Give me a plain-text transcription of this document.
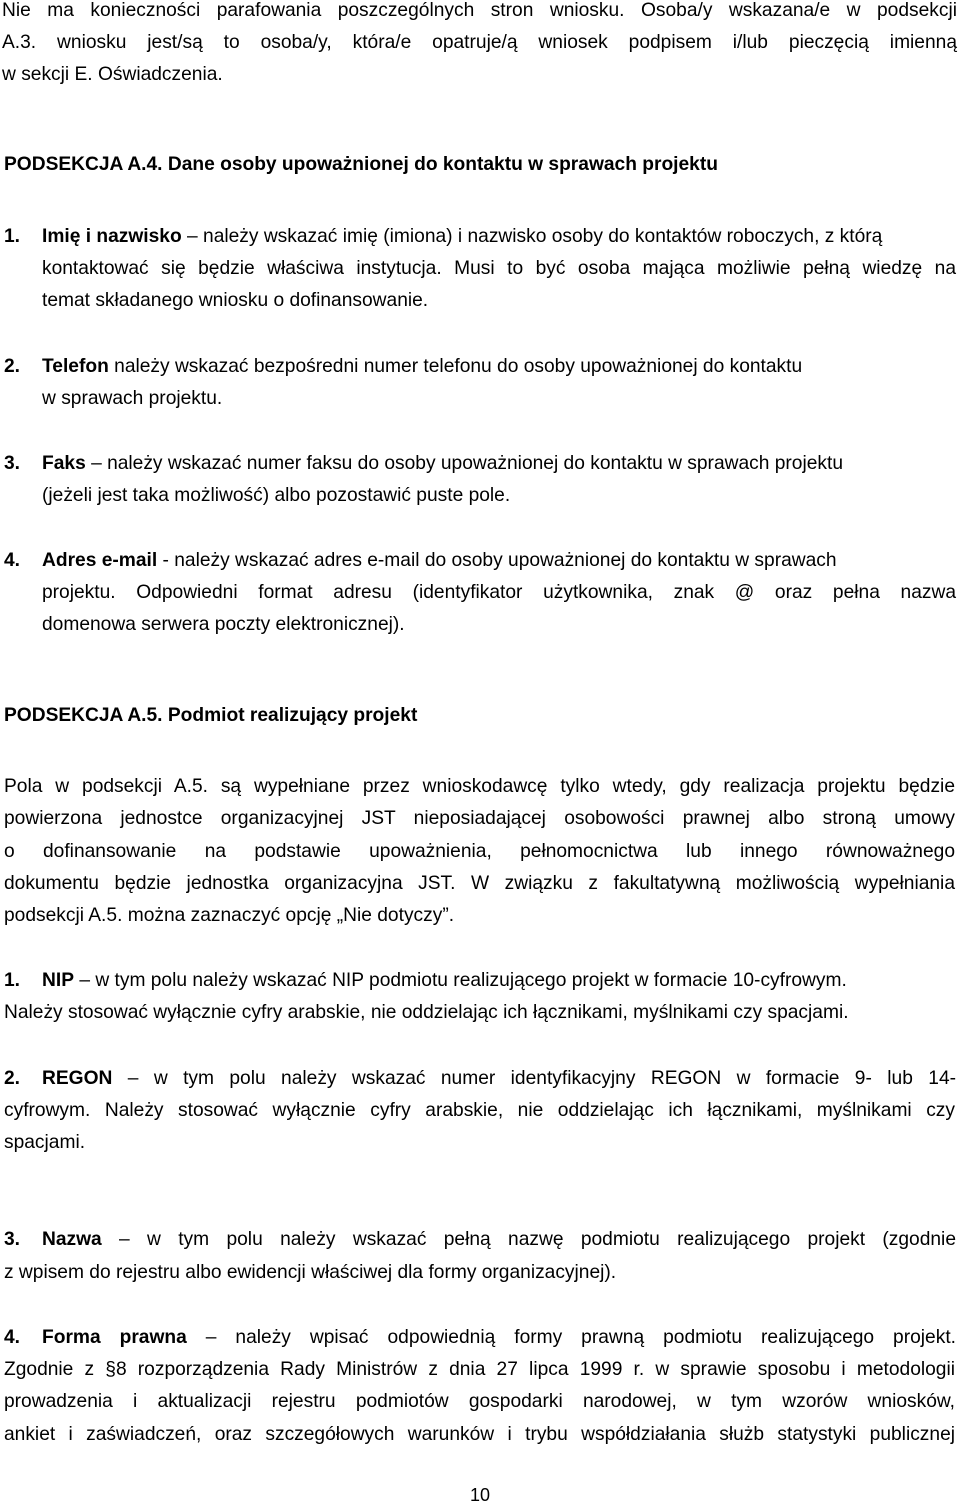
Nie ma konieczności parafowania poszczególnych stron wniosku. Osoba/y wskazana/e w podsekcji
A.3. wniosku jest/są to osoba/y, która/e opatruje/ą wniosek podpisem i/lub pieczęcią imienną
w sekcji E. Oświadczenia.
PODSEKCJA A.4. Dane osoby upoważnionej do kontaktu w sprawach projektu
1. Imię i nazwisko – należy wskazać imię (imiona) i nazwisko osoby do kontaktów roboczych, z którą
kontaktować się będzie właściwa instytucja. Musi to być osoba mająca możliwie pełną wiedzę na
temat składanego wniosku o dofinansowanie.
2. Telefon należy wskazać bezpośredni numer telefonu do osoby upoważnionej do kontaktu
w sprawach projektu.
3. Faks – należy wskazać numer faksu do osoby upoważnionej do kontaktu w sprawach projektu
(jeżeli jest taka możliwość) albo pozostawić puste pole.
4. Adres e-mail - należy wskazać adres e-mail do osoby upoważnionej do kontaktu w sprawach
projektu. Odpowiedni format adresu (identyfikator użytkownika, znak @ oraz pełna nazwa
domenowa serwera poczty elektronicznej).
PODSEKCJA A.5. Podmiot realizujący projekt
Pola w podsekcji A.5. są wypełniane przez wnioskodawcę tylko wtedy, gdy realizacja projektu będzie
powierzona jednostce organizacyjnej JST nieposiadającej osobowości prawnej albo stroną umowy
o dofinansowanie na podstawie upoważnienia, pełnomocnictwa lub innego równoważnego
dokumentu będzie jednostka organizacyjna JST. W związku z fakultatywną możliwością wypełniania
podsekcji A.5. można zaznaczyć opcję „Nie dotyczy”.
1. NIP – w tym polu należy wskazać NIP podmiotu realizującego projekt w formacie 10-cyfrowym.
Należy stosować wyłącznie cyfry arabskie, nie oddzielając ich łącznikami, myślnikami czy spacjami.
2. REGON – w tym polu należy wskazać numer identyfikacyjny REGON w formacie 9- lub 14-
cyfrowym. Należy stosować wyłącznie cyfry arabskie, nie oddzielając ich łącznikami, myślnikami czy
spacjami.
3. Nazwa – w tym polu należy wskazać pełną nazwę podmiotu realizującego projekt (zgodnie
z wpisem do rejestru albo ewidencji właściwej dla formy organizacyjnej).
4. Forma prawna – należy wpisać odpowiednią formy prawną podmiotu realizującego projekt.
Zgodnie z §8 rozporządzenia Rady Ministrów z dnia 27 lipca 1999 r. w sprawie sposobu i metodologii
prowadzenia i aktualizacji rejestru podmiotów gospodarki narodowej, w tym wzorów wniosków,
ankiet i zaświadczeń, oraz szczegółowych warunków i trybu współdziałania służb statystyki publicznej
10
